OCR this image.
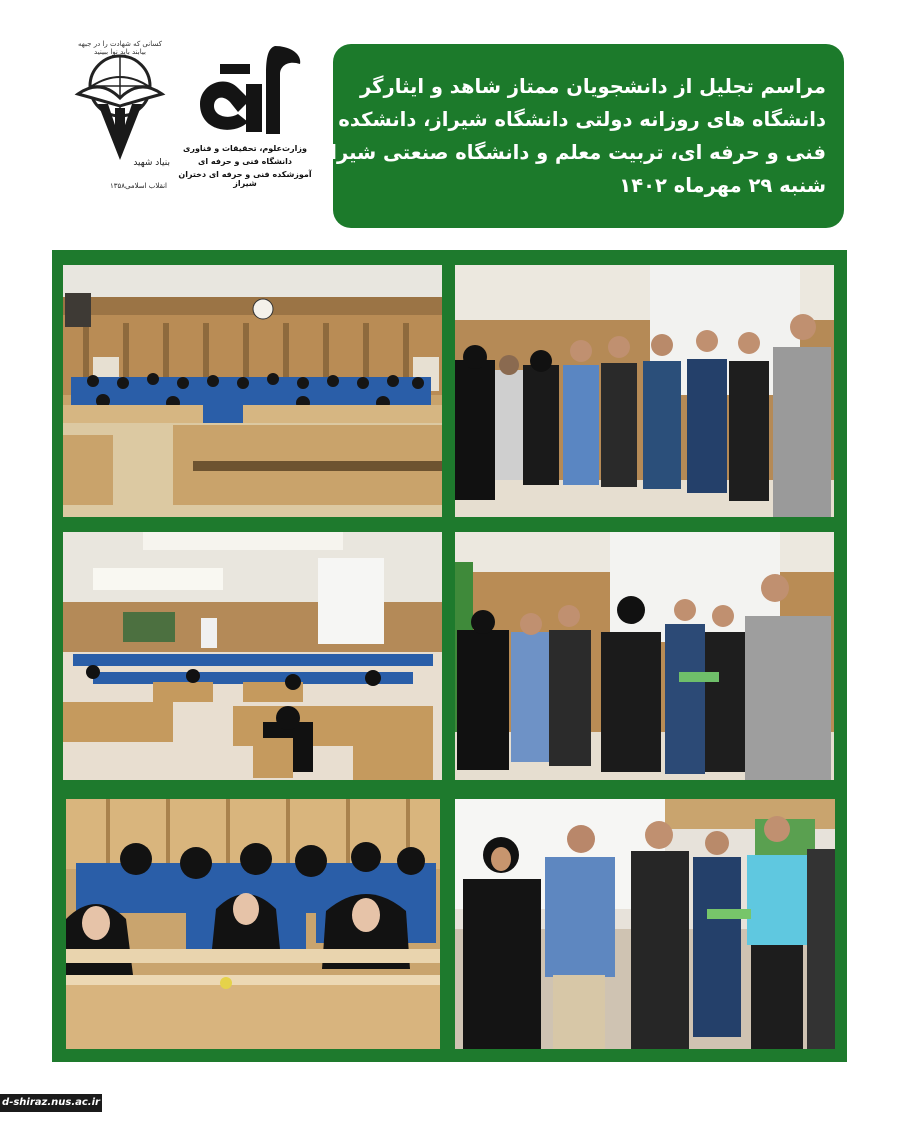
کسانی که شهادت را در جبهه بیابند باید نوا ببینید
بنیاد شهید
۱۳۵۸ انقلاب اسلامی
وزارت‌علوم، تحقیقات و فناوری
دانشگاه فنی و حرفه ای
آموزشکده فنی و حرفه ای دختران شیراز
مراسم تجلیل از دانشجویان ممتاز شاهد و ایثارگر
دانشگاه های روزانه دولتی دانشگاه شیراز، دانشکده
فنی و حرفه ای، تربیت معلم و دانشگاه صنعتی شیراز
شنبه ۲۹ مهرماه ۱۴۰۲
d-shiraz.nus.ac.ir
